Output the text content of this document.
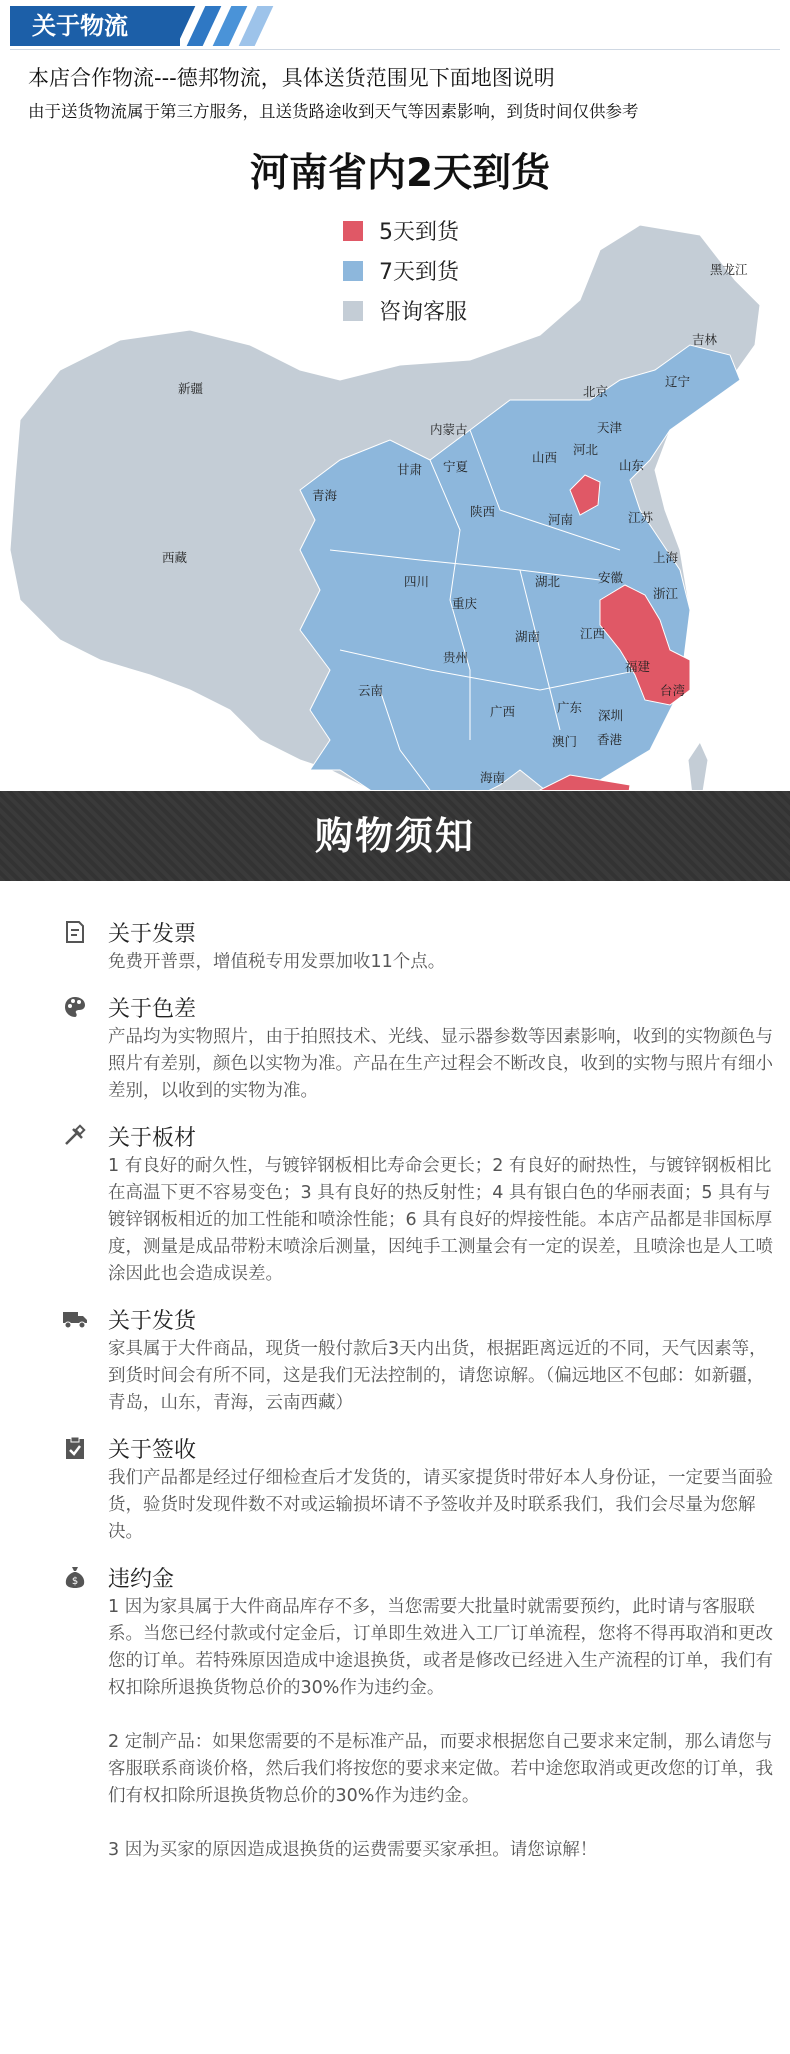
关于物流
本店合作物流---德邦物流，具体送货范围见下面地图说明
由于送货物流属于第三方服务，且送货路途收到天气等因素影响，到货时间仅供参考
河南省内2天到货
5天到货
7天到货
咨询客服
黑龙江
吉林
辽宁
新疆	北京
天津
内蒙古
河北
甘肃 宁夏
山西
山东
青海
陕西
河南	江苏
上海
西藏
安徽
四川	湖北
浙江
重庆
湖南	江西
贵州
福建
云南	台湾
广西	广东
深圳
澳门 香港
海南
购物须知
关于发票

免费开普票，增值税专用发票加收11个点。

关于色差

产品均为实物照片，由于拍照技术、光线、显示器参数等因素影响，收到的实物颜色与照片有差别，颜色以实物为准。产品在生产过程会不断改良，收到的实物与照片有细小差别，以收到的实物为准。

关于板材

1 有良好的耐久性，与镀锌钢板相比寿命会更长；2 有良好的耐热性，与镀锌钢板相比在高温下更不容易变色；3 具有良好的热反射性；4 具有银白色的华丽表面；5 具有与镀锌钢板相近的加工性能和喷涂性能；6 具有良好的焊接性能。本店产品都是非国标厚度，测量是成品带粉末喷涂后测量，因纯手工测量会有一定的误差，且喷涂也是人工喷涂因此也会造成误差。

关于发货

家具属于大件商品，现货一般付款后3天内出货，根据距离远近的不同，天气因素等，到货时间会有所不同，这是我们无法控制的，请您谅解。（偏远地区不包邮：如新疆，青岛，山东，青海，云南西藏）

关于签收

我们产品都是经过仔细检查后才发货的，请买家提货时带好本人身份证，一定要当面验货，验货时发现件数不对或运输损坏请不予签收并及时联系我们，我们会尽量为您解决。

$ 违约金

1 因为家具属于大件商品库存不多，当您需要大批量时就需要预约，此时请与客服联系。当您已经付款或付定金后，订单即生效进入工厂订单流程，您将不得再取消和更改您的订单。若特殊原因造成中途退换货，或者是修改已经进入生产流程的订单，我们有权扣除所退换货物总价的30%作为违约金。

2 定制产品：如果您需要的不是标准产品，而要求根据您自己要求来定制，那么请您与客服联系商谈价格，然后我们将按您的要求来定做。若中途您取消或更改您的订单，我们有权扣除所退换货物总价的30%作为违约金。

3 因为买家的原因造成退换货的运费需要买家承担。请您谅解！
